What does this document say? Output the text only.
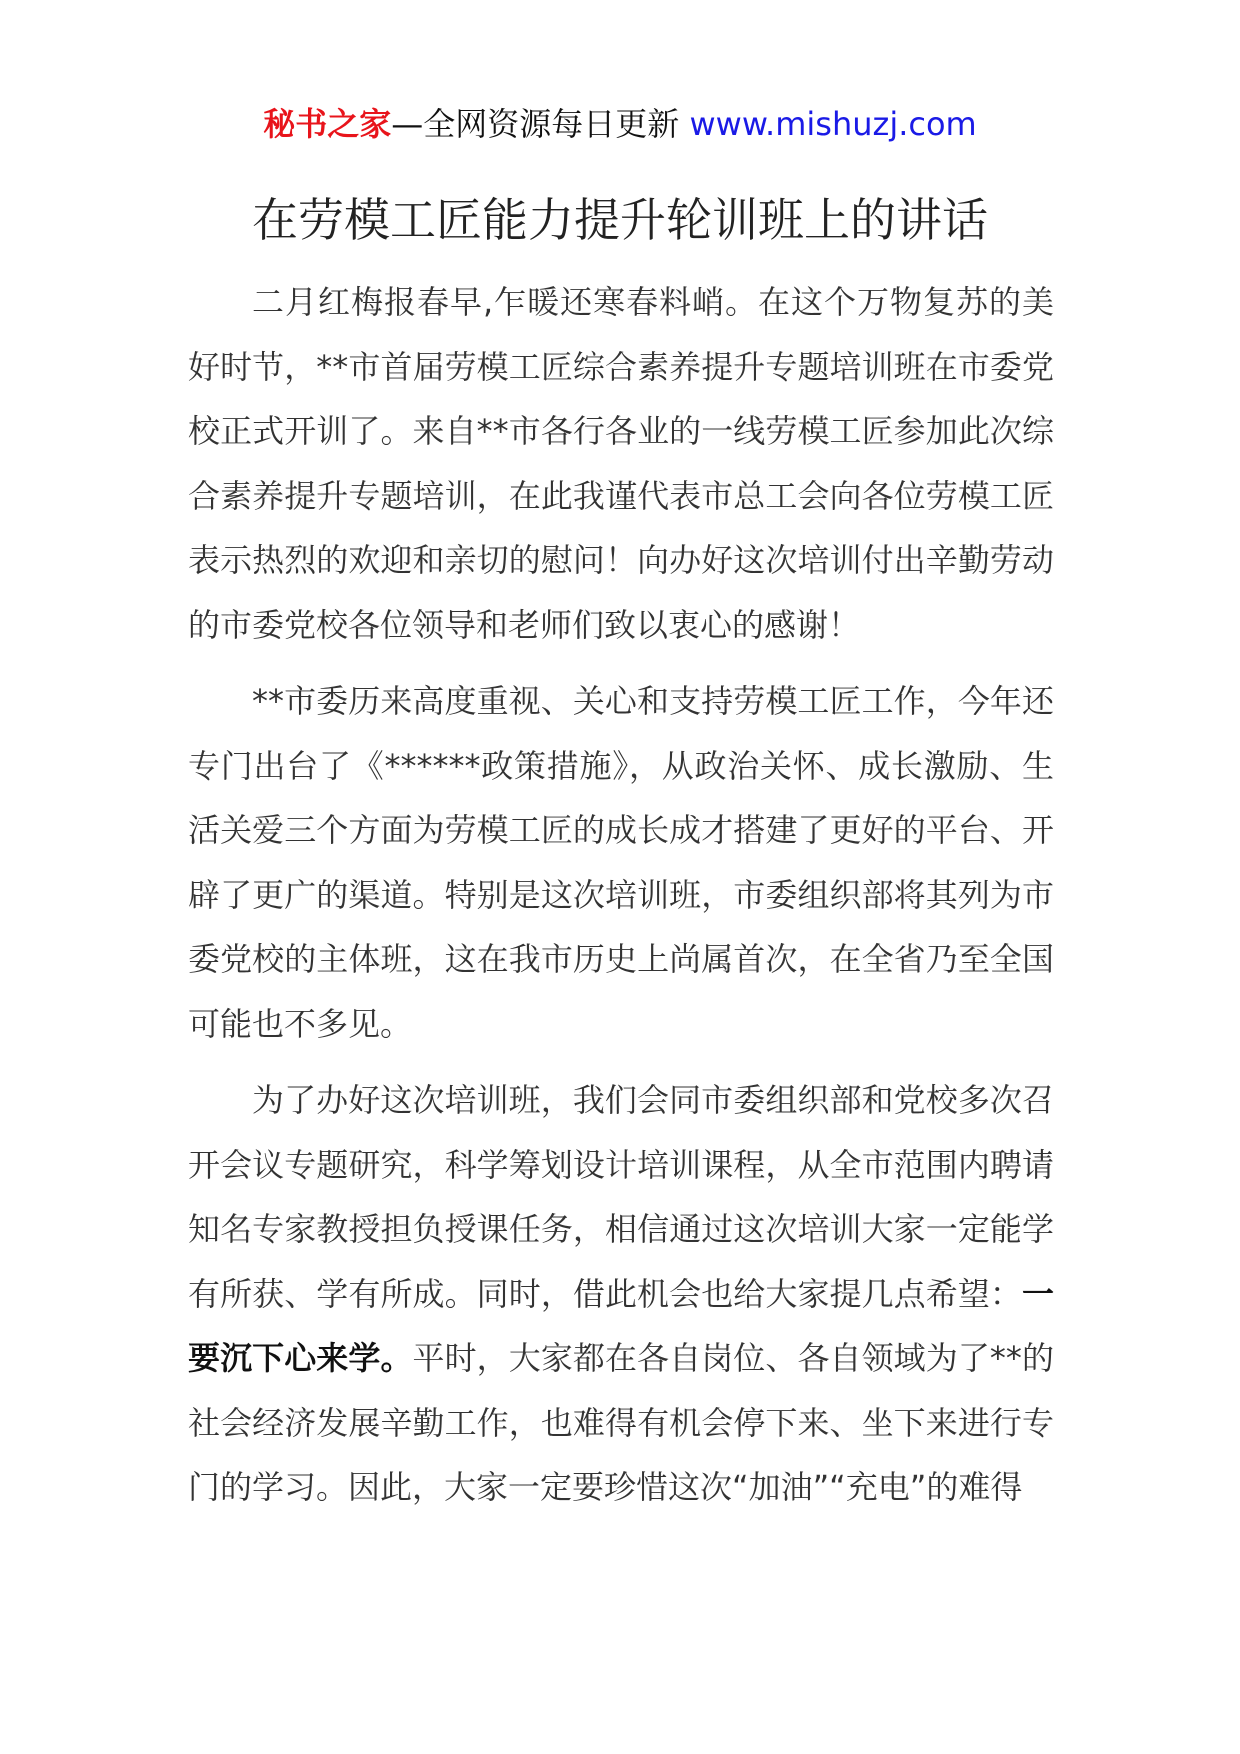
秘书之家—全网资源每日更新 www.mishuzj.com
在劳模工匠能力提升轮训班上的讲话

二月红梅报春早,乍暖还寒春料峭。在这个万物复苏的美好时节，**市首届劳模工匠综合素养提升专题培训班在市委党校正式开训了。来自**市各行各业的一线劳模工匠参加此次综合素养提升专题培训，在此我谨代表市总工会向各位劳模工匠表示热烈的欢迎和亲切的慰问！向办好这次培训付出辛勤劳动的市委党校各位领导和老师们致以衷心的感谢！

**市委历来高度重视、关心和支持劳模工匠工作，今年还专门出台了《******政策措施》，从政治关怀、成长激励、生活关爱三个方面为劳模工匠的成长成才搭建了更好的平台、开辟了更广的渠道。特别是这次培训班，市委组织部将其列为市委党校的主体班，这在我市历史上尚属首次，在全省乃至全国可能也不多见。

为了办好这次培训班，我们会同市委组织部和党校多次召开会议专题研究，科学筹划设计培训课程，从全市范围内聘请知名专家教授担负授课任务，相信通过这次培训大家一定能学有所获、学有所成。同时，借此机会也给大家提几点希望：一要沉下心来学。平时，大家都在各自岗位、各自领域为了**的社会经济发展辛勤工作，也难得有机会停下来、坐下来进行专门的学习。因此，大家一定要珍惜这次“加油”“充电”的难得
